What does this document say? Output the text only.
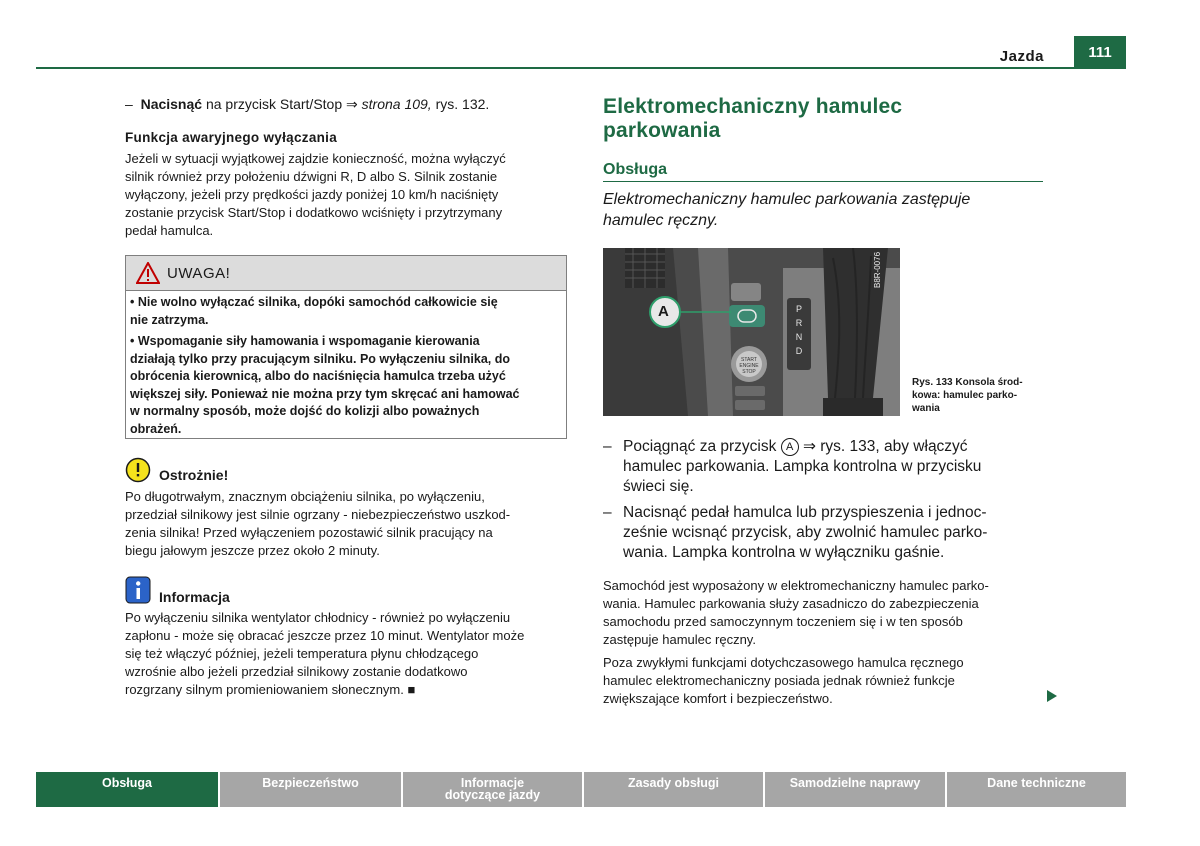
Jazda	111
– Nacisnąć na przycisk Start/Stop ⇒ strona 109, rys. 132.
Funkcja awaryjnego wyłączania
Jeżeli w sytuacji wyjątkowej zajdzie konieczność, można wyłączyć
silnik również przy położeniu dźwigni R, D albo S. Silnik zostanie
wyłączony, jeżeli przy prędkości jazdy poniżej 10 km/h naciśnięty
zostanie przycisk Start/Stop i dodatkowo wciśnięty i przytrzymany
pedał hamulca.
UWAGA!
• Nie wolno wyłączać silnika, dopóki samochód całkowicie się
nie zatrzyma.
• Wspomaganie siły hamowania i wspomaganie kierowania
działają tylko przy pracującym silniku. Po wyłączeniu silnika, do
obrócenia kierownicą, albo do naciśnięcia hamulca trzeba użyć
większej siły. Ponieważ nie można przy tym skręcać ani hamować
w normalny sposób, może dojść do kolizji albo poważnych
obrażeń.
Ostrożnie!
Po długotrwałym, znacznym obciążeniu silnika, po wyłączeniu,
przedział silnikowy jest silnie ogrzany - niebezpieczeństwo uszkod-
zenia silnika! Przed wyłączeniem pozostawić silnik pracujący na
biegu jałowym jeszcze przez około 2 minuty.
Informacja
Po wyłączeniu silnika wentylator chłodnicy - również po wyłączeniu
zapłonu - może się obracać jeszcze przez 10 minut. Wentylator może
się też włączyć później, jeżeli temperatura płynu chłodzącego
wzrośnie albo jeżeli przedział silnikowy zostanie dodatkowo
rozgrzany silnym promieniowaniem słonecznym. ■
Elektromechaniczny hamulec
parkowania
Obsługa
Elektromechaniczny hamulec parkowania zastępuje
hamulec ręczny.
A	P
R
N
D
START ENGINE STOP
B8R-0076
Rys. 133 Konsola środ-
kowa: hamulec parko-
wania
– Pociągnąć za przycisk A ⇒ rys. 133, aby włączyć
hamulec parkowania. Lampka kontrolna w przycisku
świeci się.
– Nacisnąć pedał hamulca lub przyspieszenia i jednoc-
ześnie wcisnąć przycisk, aby zwolnić hamulec parko-
wania. Lampka kontrolna w wyłączniku gaśnie.
Samochód jest wyposażony w elektromechaniczny hamulec parko-
wania. Hamulec parkowania służy zasadniczo do zabezpieczenia
samochodu przed samoczynnym toczeniem się i w ten sposób
zastępuje hamulec ręczny.
Poza zwykłymi funkcjami dotychczasowego hamulca ręcznego
hamulec elektromechaniczny posiada jednak również funkcje
zwiększające komfort i bezpieczeństwo.
Obsługa	Bezpieczeństwo	Informacje dotyczące jazdy
Zasady obsługi	Samodzielne naprawy	Dane techniczne
